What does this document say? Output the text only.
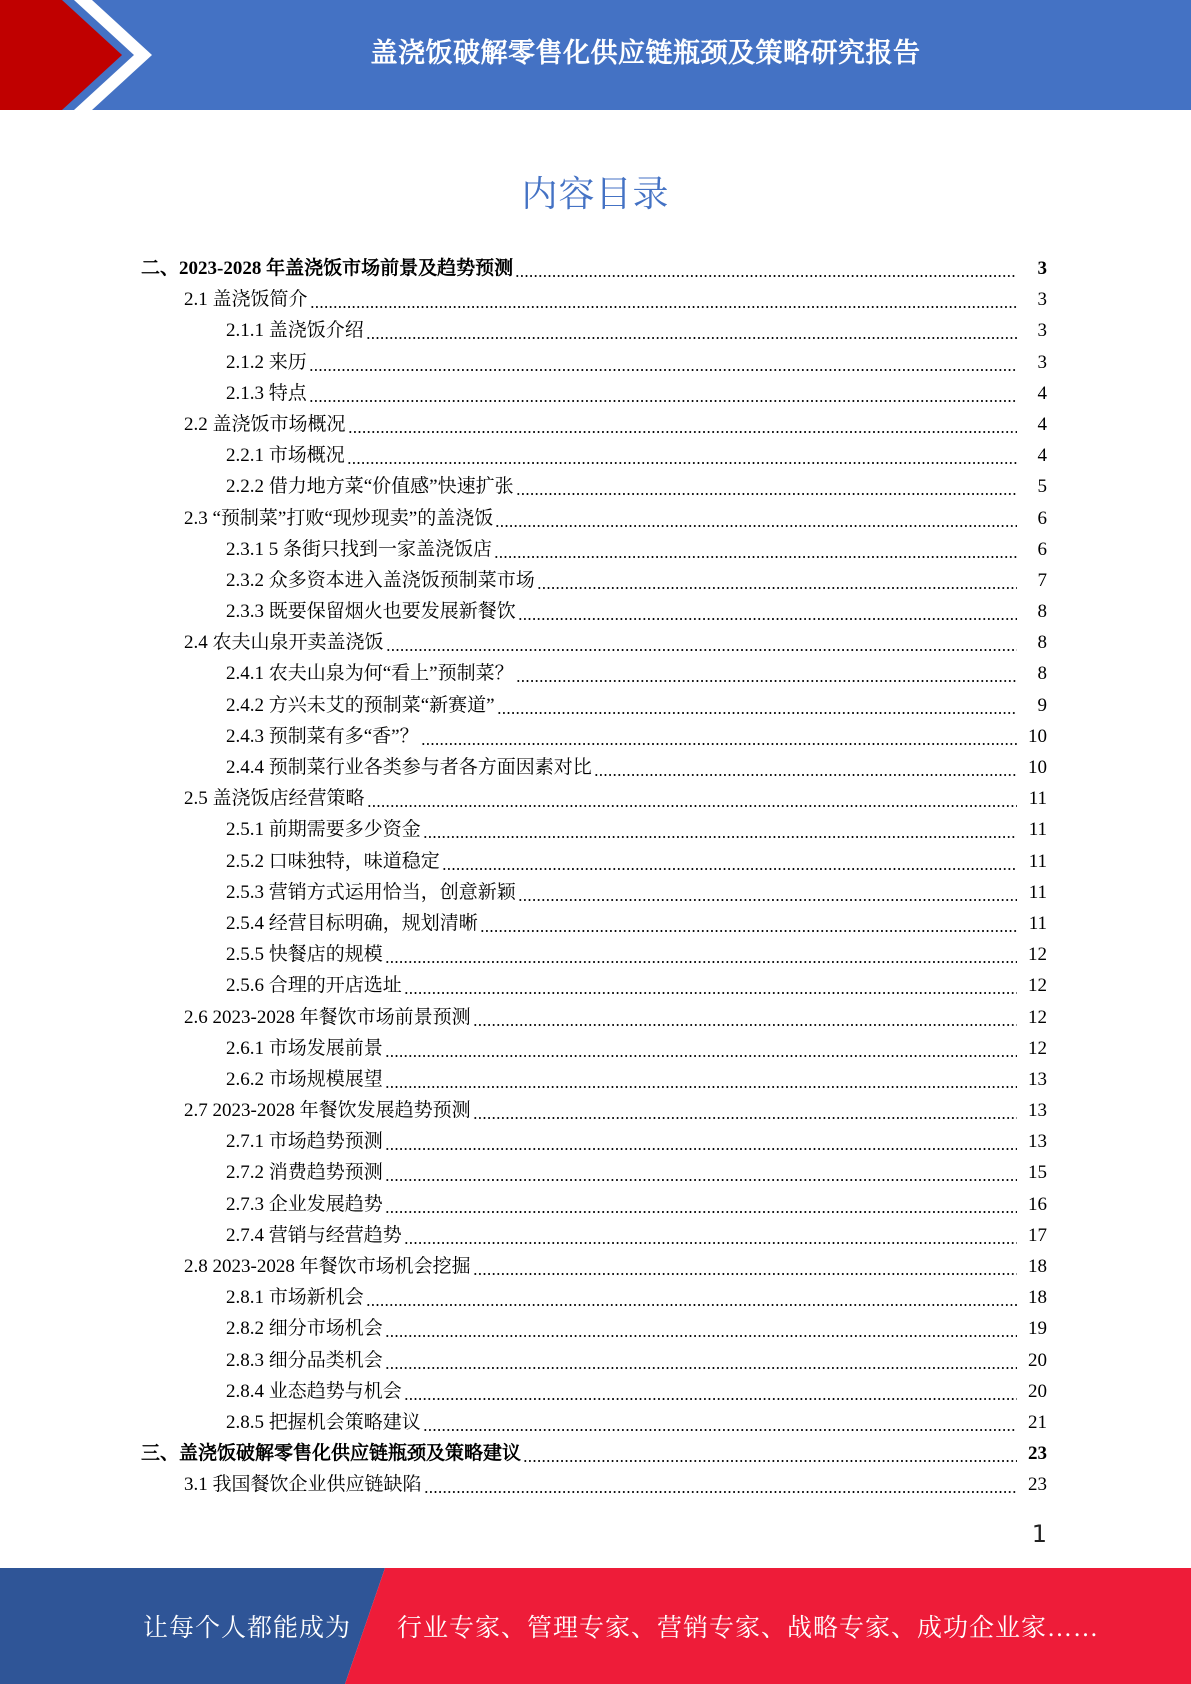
盖浇饭破解零售化供应链瓶颈及策略研究报告
内容目录
二、2023-2028 年盖浇饭市场前景及趋势预测	3
2.1 盖浇饭简介	3
2.1.1 盖浇饭介绍	3
2.1.2 来历	3
2.1.3 特点	4
2.2 盖浇饭市场概况	4
2.2.1 市场概况	4
2.2.2 借力地方菜“价值感”快速扩张	5
2.3 “预制菜”打败“现炒现卖”的盖浇饭	6
2.3.1 5 条街只找到一家盖浇饭店	6
2.3.2 众多资本进入盖浇饭预制菜市场	7
2.3.3 既要保留烟火也要发展新餐饮	8
2.4 农夫山泉开卖盖浇饭	8
2.4.1 农夫山泉为何“看上”预制菜？	8
2.4.2 方兴未艾的预制菜“新赛道”	9
2.4.3 预制菜有多“香”？	10
2.4.4 预制菜行业各类参与者各方面因素对比	10
2.5 盖浇饭店经营策略	11
2.5.1 前期需要多少资金	11
2.5.2 口味独特，味道稳定	11
2.5.3 营销方式运用恰当，创意新颖	11
2.5.4 经营目标明确，规划清晰	11
2.5.5 快餐店的规模	12
2.5.6 合理的开店选址	12
2.6 2023-2028 年餐饮市场前景预测	12
2.6.1 市场发展前景	12
2.6.2 市场规模展望	13
2.7 2023-2028 年餐饮发展趋势预测	13
2.7.1 市场趋势预测	13
2.7.2 消费趋势预测	15
2.7.3 企业发展趋势	16
2.7.4 营销与经营趋势	17
2.8 2023-2028 年餐饮市场机会挖掘	18
2.8.1 市场新机会	18
2.8.2 细分市场机会	19
2.8.3 细分品类机会	20
2.8.4 业态趋势与机会	20
2.8.5 把握机会策略建议	21
三、盖浇饭破解零售化供应链瓶颈及策略建议	23
3.1 我国餐饮企业供应链缺陷	23
1
让每个人都能成为 行业专家、管理专家、营销专家、战略专家、成功企业家……
